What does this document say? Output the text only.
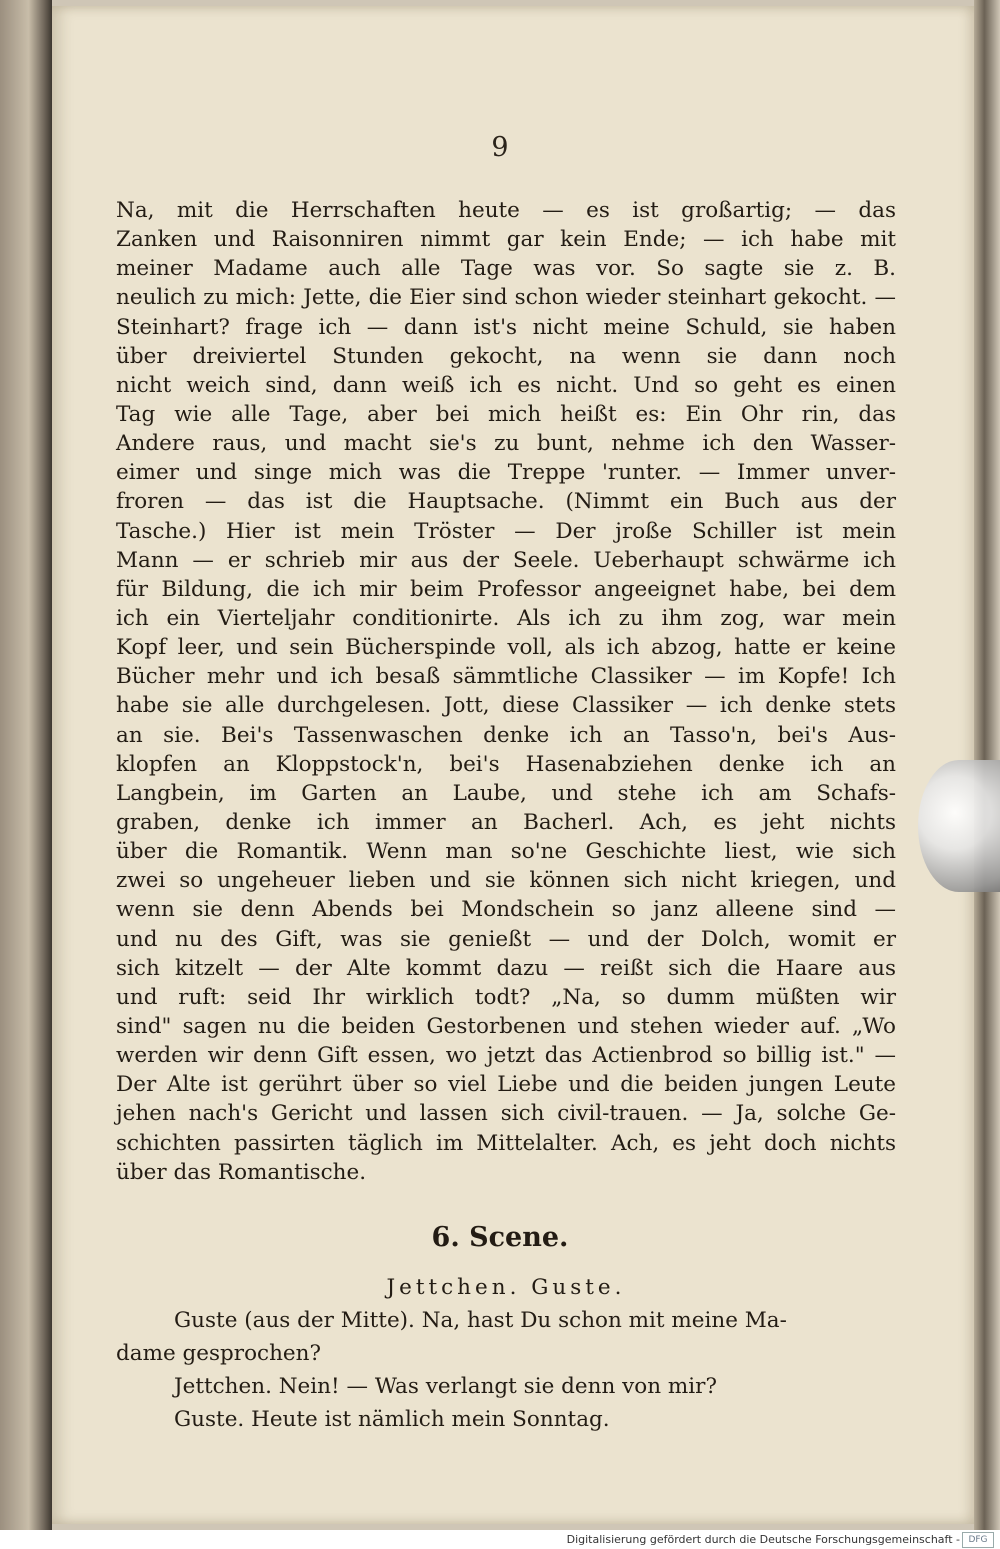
9
Na, mit die Herrschaften heute — es ist großartig; — das
Zanken und Raisonniren nimmt gar kein Ende; — ich habe mit
meiner Madame auch alle Tage was vor. So sagte sie z. B.
neulich zu mich: Jette, die Eier sind schon wieder steinhart gekocht. —
Steinhart? frage ich — dann ist's nicht meine Schuld, sie haben
über dreiviertel Stunden gekocht, na wenn sie dann noch
nicht weich sind, dann weiß ich es nicht. Und so geht es einen
Tag wie alle Tage, aber bei mich heißt es: Ein Ohr rin, das
Andere raus, und macht sie's zu bunt, nehme ich den Wasser-
eimer und singe mich was die Treppe 'runter. — Immer unver-
froren — das ist die Hauptsache. (Nimmt ein Buch aus der
Tasche.) Hier ist mein Tröster — Der jroße Schiller ist mein
Mann — er schrieb mir aus der Seele. Ueberhaupt schwärme ich
für Bildung, die ich mir beim Professor angeeignet habe, bei dem
ich ein Vierteljahr conditionirte. Als ich zu ihm zog, war mein
Kopf leer, und sein Bücherspinde voll, als ich abzog, hatte er keine
Bücher mehr und ich besaß sämmtliche Classiker — im Kopfe! Ich
habe sie alle durchgelesen. Jott, diese Classiker — ich denke stets
an sie. Bei's Tassenwaschen denke ich an Tasso'n, bei's Aus-
klopfen an Kloppstock'n, bei's Hasenabziehen denke ich an
Langbein, im Garten an Laube, und stehe ich am Schafs-
graben, denke ich immer an Bacherl. Ach, es jeht nichts
über die Romantik. Wenn man so'ne Geschichte liest, wie sich
zwei so ungeheuer lieben und sie können sich nicht kriegen, und
wenn sie denn Abends bei Mondschein so janz alleene sind —
und nu des Gift, was sie genießt — und der Dolch, womit er
sich kitzelt — der Alte kommt dazu — reißt sich die Haare aus
und ruft: seid Ihr wirklich todt? „Na, so dumm müßten wir
sind" sagen nu die beiden Gestorbenen und stehen wieder auf. „Wo
werden wir denn Gift essen, wo jetzt das Actienbrod so billig ist." —
Der Alte ist gerührt über so viel Liebe und die beiden jungen Leute
jehen nach's Gericht und lassen sich civil-trauen. — Ja, solche Ge-
schichten passirten täglich im Mittelalter. Ach, es jeht doch nichts
über das Romantische.
6. Scene.
Jettchen. Guste.
Guste (aus der Mitte). Na, hast Du schon mit meine Ma-
dame gesprochen?
Jettchen. Nein! — Was verlangt sie denn von mir?
Guste. Heute ist nämlich mein Sonntag.
Digitalisierung gefördert durch die Deutsche Forschungsgemeinschaft - DFG
